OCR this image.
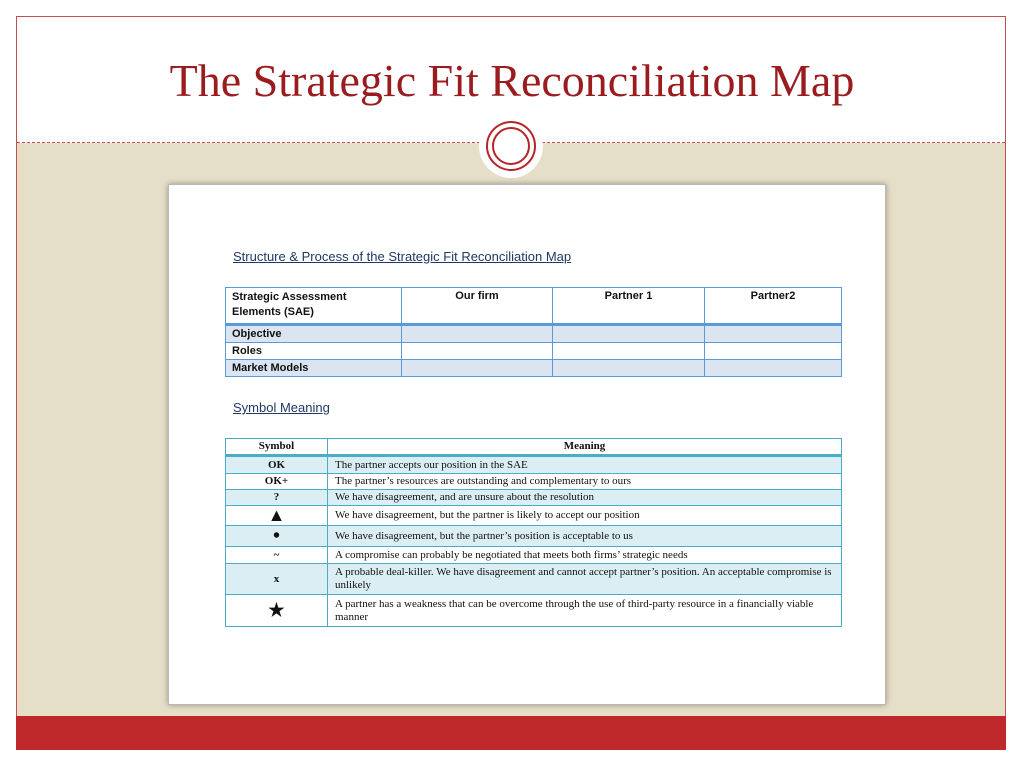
The Strategic Fit Reconciliation Map
Structure & Process of the Strategic Fit Reconciliation Map
Strategic Assessment Elements (SAE)	Our firm	Partner 1	Partner2
Objective			
Roles			
Market Models			
Symbol Meaning
Symbol	Meaning
OK	The partner accepts our position in the SAE
OK+	The partner’s resources are outstanding and complementary to ours
?	We have disagreement, and are unsure about the resolution
▲	We have disagreement, but the partner is likely to accept our position
•	We have disagreement, but the partner’s position is acceptable to us
~	A compromise can probably be negotiated that meets both firms’ strategic needs
x	A probable deal-killer. We have disagreement and cannot accept partner’s position. An acceptable compromise is unlikely
★	A partner has a weakness that can be overcome through the use of third-party resource in a financially viable manner
